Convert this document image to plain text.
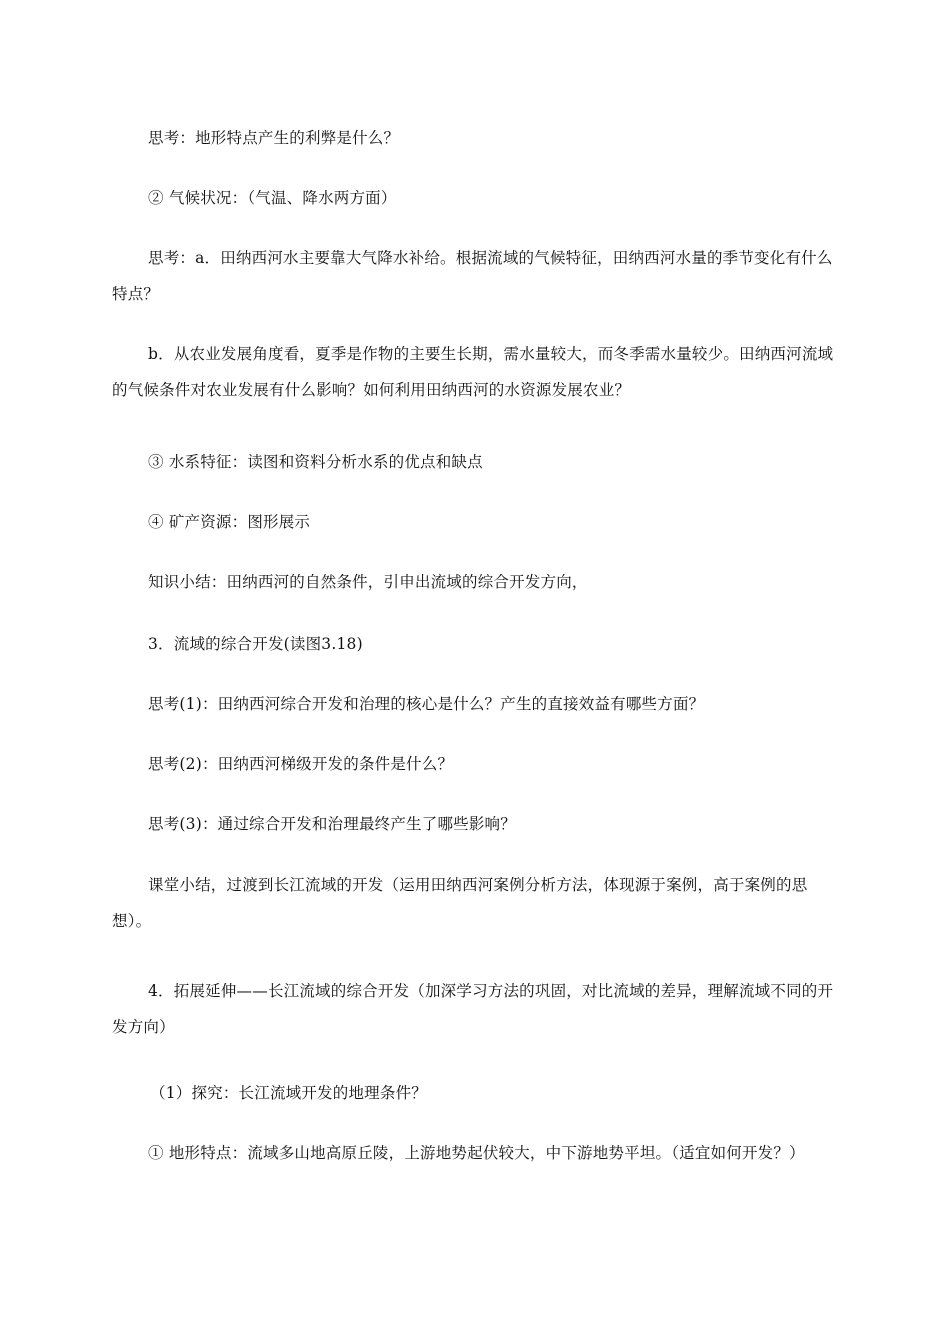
思考：地形特点产生的利弊是什么？

② 气候状况：（气温、降水两方面）

思考：a．田纳西河水主要靠大气降水补给。根据流域的气候特征，田纳西河水量的季节变化有什么特点？

b．从农业发展角度看，夏季是作物的主要生长期，需水量较大，而冬季需水量较少。田纳西河流域的气候条件对农业发展有什么影响？如何利用田纳西河的水资源发展农业？

③ 水系特征：读图和资料分析水系的优点和缺点

④ 矿产资源：图形展示

知识小结：田纳西河的自然条件，引申出流域的综合开发方向，

3．流域的综合开发(读图3.18)

思考(1)：田纳西河综合开发和治理的核心是什么？产生的直接效益有哪些方面？

思考(2)：田纳西河梯级开发的条件是什么？

思考(3)：通过综合开发和治理最终产生了哪些影响？

课堂小结，过渡到长江流域的开发（运用田纳西河案例分析方法，体现源于案例，高于案例的思想）。

4．拓展延伸——长江流域的综合开发（加深学习方法的巩固，对比流域的差异，理解流域不同的开发方向）

（1）探究：长江流域开发的地理条件？

① 地形特点：流域多山地高原丘陵，上游地势起伏较大，中下游地势平坦。（适宜如何开发？）
